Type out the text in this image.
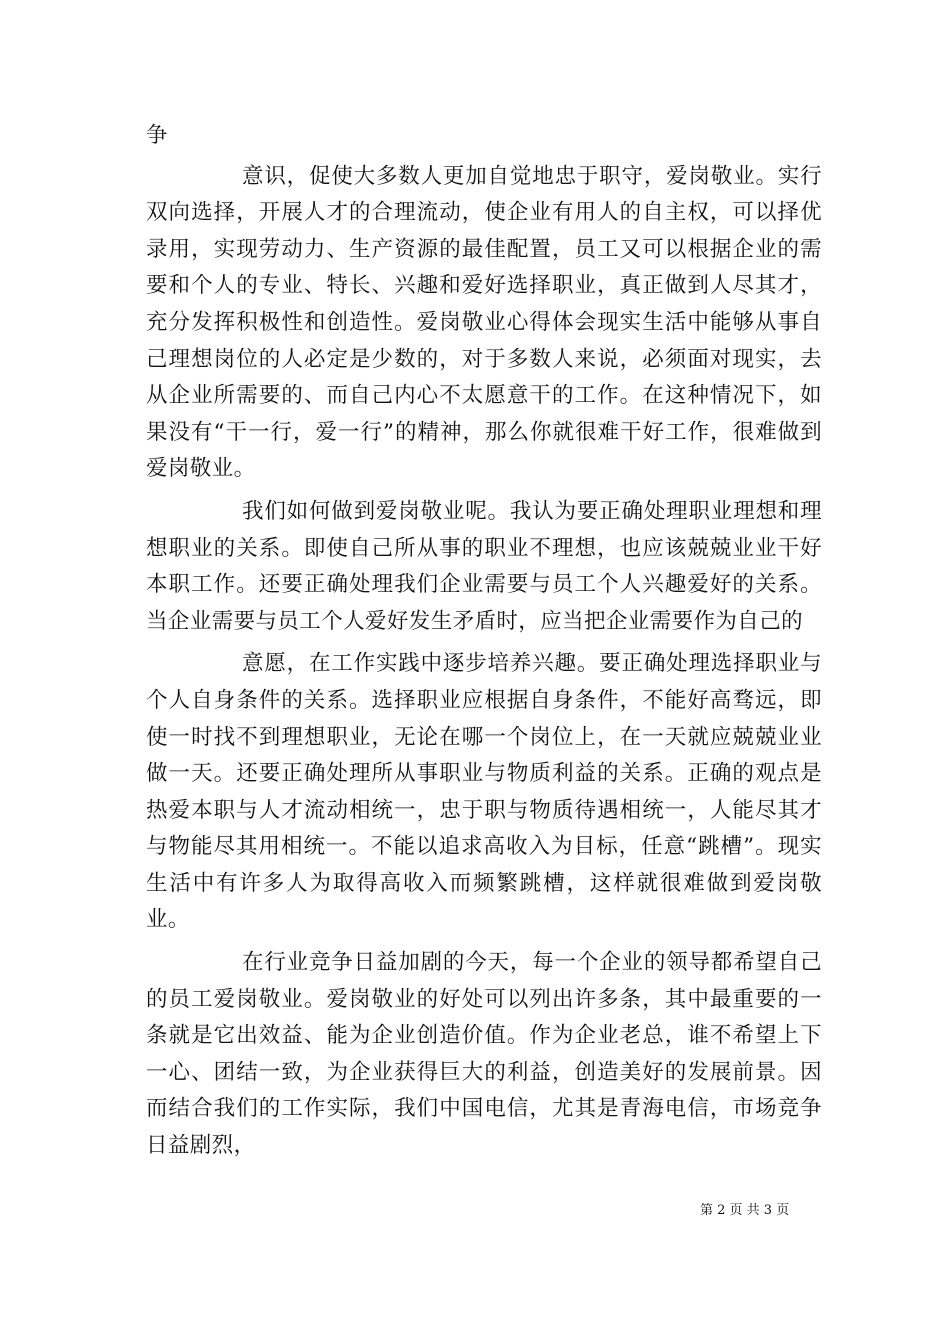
争

意识，促使大多数人更加自觉地忠于职守，爱岗敬业。实行双向选择，开展人才的合理流动，使企业有用人的自主权，可以择优录用，实现劳动力、生产资源的最佳配置，员工又可以根据企业的需要和个人的专业、特长、兴趣和爱好选择职业，真正做到人尽其才，充分发挥积极性和创造性。爱岗敬业心得体会现实生活中能够从事自己理想岗位的人必定是少数的，对于多数人来说，必须面对现实，去从企业所需要的、而自己内心不太愿意干的工作。在这种情况下，如果没有“干一行，爱一行”的精神，那么你就很难干好工作，很难做到爱岗敬业。

我们如何做到爱岗敬业呢。我认为要正确处理职业理想和理想职业的关系。即使自己所从事的职业不理想，也应该兢兢业业干好本职工作。还要正确处理我们企业需要与员工个人兴趣爱好的关系。当企业需要与员工个人爱好发生矛盾时，应当把企业需要作为自己的

意愿，在工作实践中逐步培养兴趣。要正确处理选择职业与个人自身条件的关系。选择职业应根据自身条件，不能好高骛远，即使一时找不到理想职业，无论在哪一个岗位上，在一天就应兢兢业业做一天。还要正确处理所从事职业与物质利益的关系。正确的观点是热爱本职与人才流动相统一，忠于职与物质待遇相统一，人能尽其才与物能尽其用相统一。不能以追求高收入为目标，任意“跳槽”。现实生活中有许多人为取得高收入而频繁跳槽，这样就很难做到爱岗敬业。

在行业竞争日益加剧的今天，每一个企业的领导都希望自己的员工爱岗敬业。爱岗敬业的好处可以列出许多条，其中最重要的一条就是它出效益、能为企业创造价值。作为企业老总，谁不希望上下一心、团结一致，为企业获得巨大的利益，创造美好的发展前景。因而结合我们的工作实际，我们中国电信，尤其是青海电信，市场竞争日益剧烈，

第 2 页 共 3 页
